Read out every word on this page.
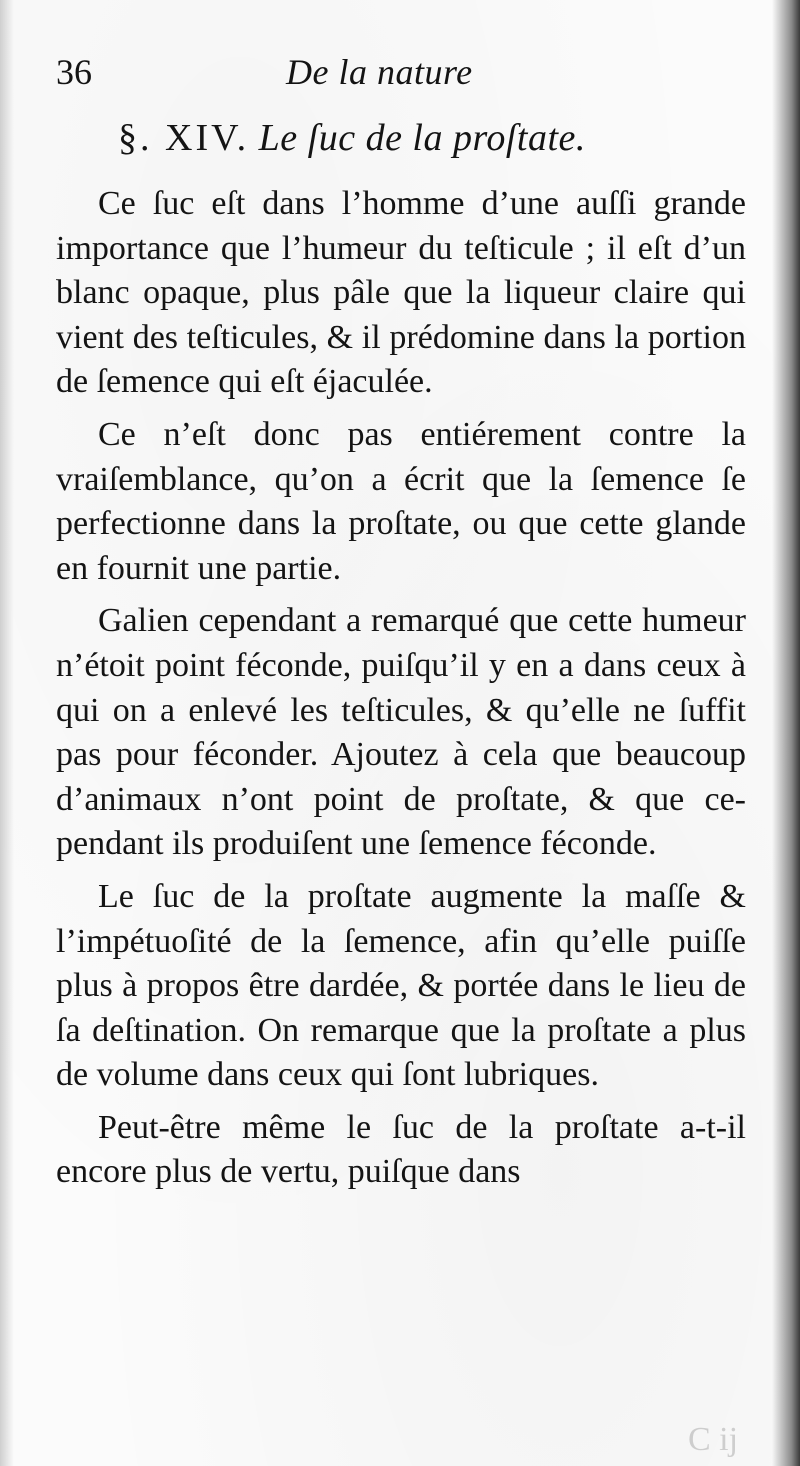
36	De la nature
§. XIV. Le ſuc de la proſtate.

Ce ſuc eſt dans l’homme d’une auſſi grande importance que l’humeur du teſticule ; il eſt d’un blanc opaque, plus pâle que la liqueur claire qui vient des teſticules, & il prédomine dans la portion de ſemence qui eſt éjaculée.

Ce n’eſt donc pas entiérement contre la vraiſemblance, qu’on a écrit que la ſemence ſe perfectionne dans la proſtate, ou que cette glande en fournit une partie.

Galien cependant a remarqué que cette humeur n’étoit point féconde, puiſqu’il y en a dans ceux à qui on a enlevé les teſticules, & qu’elle ne ſuffit pas pour féconder. Ajoutez à cela que beaucoup d’animaux n’ont point de proſtate, & que cependant ils produiſent une ſemence féconde.

Le ſuc de la proſtate augmente la maſſe & l’impétuoſité de la ſemence, afin qu’elle puiſſe plus à propos être dardée, & portée dans le lieu de ſa deſtination. On remarque que la proſtate a plus de volume dans ceux qui ſont lubriques.

Peut-être même le ſuc de la proſtate a-t-il encore plus de vertu, puiſque dans

C ij
